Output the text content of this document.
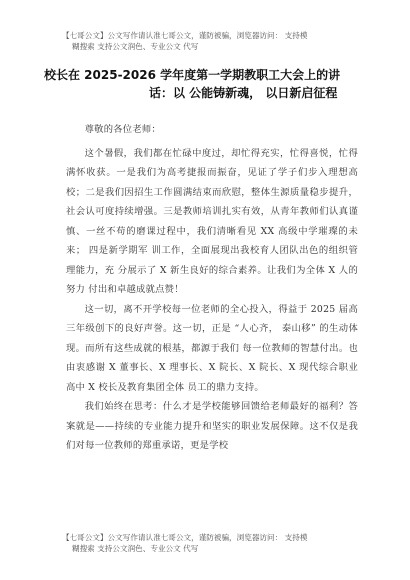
【七哥公文】公文写作请认准七哥公文，谨防被骗，浏览器访问： 支持模
糊搜索 支持公文润色、专业公文 代写
校长在 2025-2026 学年度第一学期教职工大会上的讲
话：以 公能铸新魂， 以日新启征程

尊敬的各位老师：

这个暑假，我们都在忙碌中度过，却忙得充实，忙得喜悦，忙得满怀收获。一是我们为高考捷报而振奋，见证了学子们步入理想高校；二是我们因招生工作圆满结束而欣慰，整体生源质量稳步提升，社会认可度持续增强。三是教师培训扎实有效，从青年教师们认真谨慎、一丝不苟的磨课过程中，我们清晰看见 XX 高级中学璀璨的未来； 四是新学期军 训工作，全面展现出我校育人团队出色的组织管理能力，充 分展示了 X 新生良好的综合素养。让我们为全体 X 人的努力 付出和卓越成就点赞！

这一切，离不开学校每一位老师的全心投入，得益于 2025 届高三年级创下的良好声誉。这一切，正是 “人心齐， 泰山移” 的生动体现。而所有这些成就的根基，都源于我们 每一位教师的智慧付出。也由衷感谢 X 董事长、X 理事长、X 院长、X 院长、X 现代综合职业高中 X 校长及教育集团全体 员工的鼎力支持。

我们始终在思考：什么才是学校能够回馈给老师最好的福利？答案就是——持续的专业能力提升和坚实的职业发展保障。这不仅是我们对每一位教师的郑重承诺，更是学校

【七哥公文】公文写作请认准七哥公文，谨防被骗，浏览器访问： 支持模
糊搜索 支持公文润色、专业公文 代写
